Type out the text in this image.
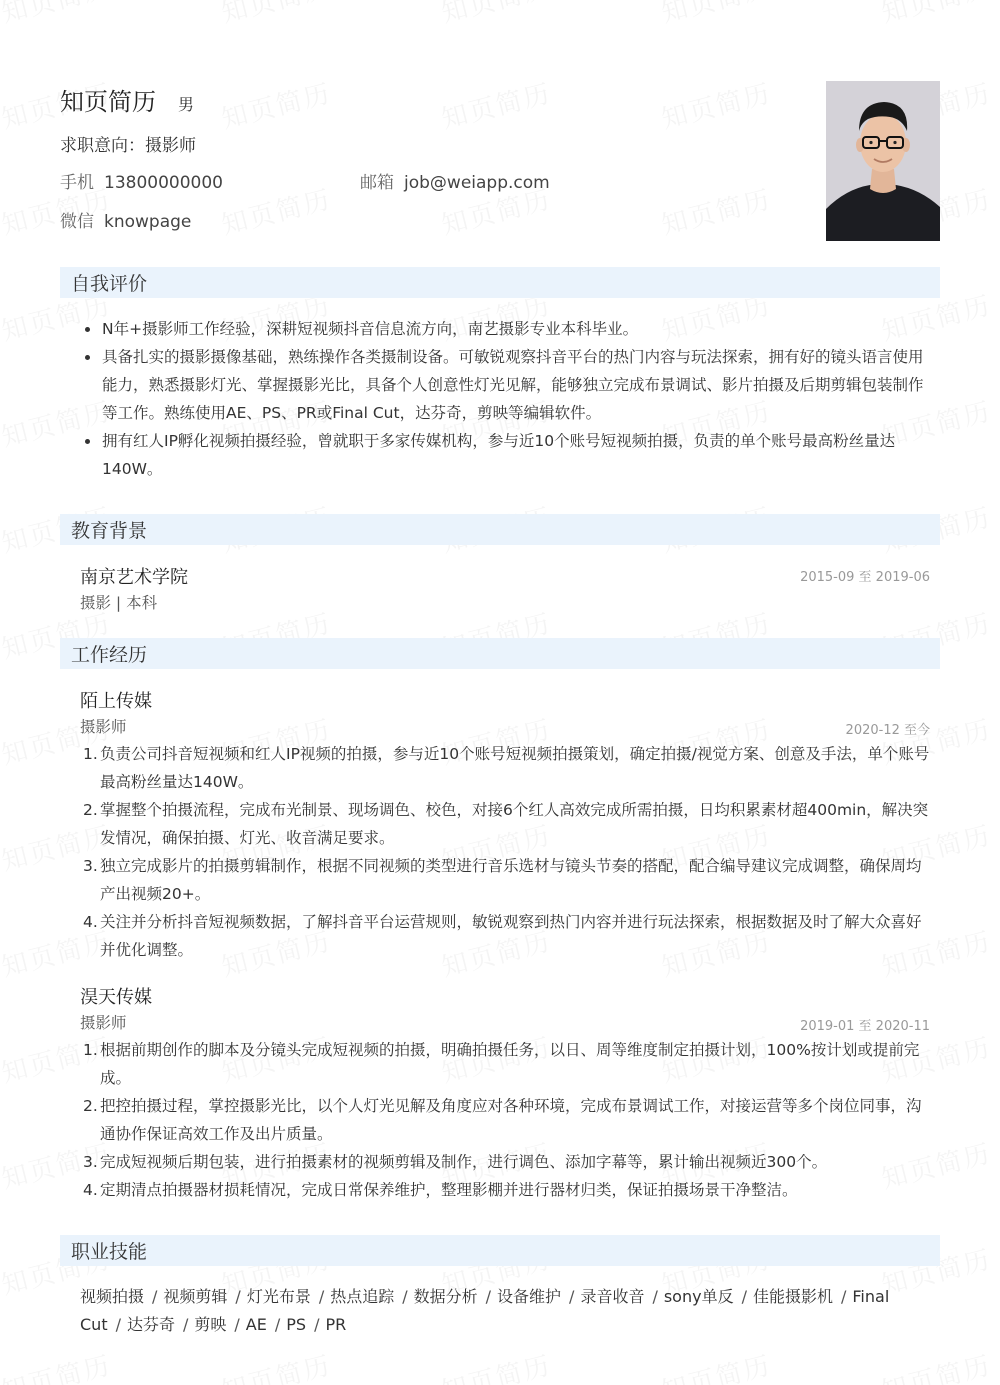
知页简历 男
求职意向：摄影师
手机 13800000000	邮箱 job@weiapp.com
微信 knowpage
自我评价
N年+摄影师工作经验，深耕短视频抖音信息流方向，南艺摄影专业本科毕业。
具备扎实的摄影摄像基础，熟练操作各类摄制设备。可敏锐观察抖音平台的热门内容与玩法探索，拥有好的镜头语言使用能力，熟悉摄影灯光、掌握摄影光比，具备个人创意性灯光见解，能够独立完成布景调试、影片拍摄及后期剪辑包装制作等工作。熟练使用AE、PS、PR或Final Cut，达芬奇，剪映等编辑软件。
拥有红人IP孵化视频拍摄经验，曾就职于多家传媒机构，参与近10个账号短视频拍摄，负责的单个账号最高粉丝量达140W。
教育背景
南京艺术学院	2015-09 至 2019-06
摄影 | 本科
工作经历
陌上传媒
摄影师	2020-12 至今
1. 负责公司抖音短视频和红人IP视频的拍摄，参与近10个账号短视频拍摄策划，确定拍摄/视觉方案、创意及手法，单个账号最高粉丝量达140W。
2. 掌握整个拍摄流程，完成布光制景、现场调色、校色，对接6个红人高效完成所需拍摄，日均积累素材超400min，解决突发情况，确保拍摄、灯光、收音满足要求。
3. 独立完成影片的拍摄剪辑制作，根据不同视频的类型进行音乐选材与镜头节奏的搭配，配合编导建议完成调整，确保周均产出视频20+。
4. 关注并分析抖音短视频数据，了解抖音平台运营规则，敏锐观察到热门内容并进行玩法探索，根据数据及时了解大众喜好并优化调整。
淏天传媒
摄影师	2019-01 至 2020-11
1. 根据前期创作的脚本及分镜头完成短视频的拍摄，明确拍摄任务，以日、周等维度制定拍摄计划，100%按计划或提前完成。
2. 把控拍摄过程，掌控摄影光比，以个人灯光见解及角度应对各种环境，完成布景调试工作，对接运营等多个岗位同事，沟通协作保证高效工作及出片质量。
3. 完成短视频后期包装，进行拍摄素材的视频剪辑及制作，进行调色、添加字幕等，累计输出视频近300个。
4. 定期清点拍摄器材损耗情况，完成日常保养维护，整理影棚并进行器材归类，保证拍摄场景干净整洁。
职业技能
视频拍摄 / 视频剪辑 / 灯光布景 / 热点追踪 / 数据分析 / 设备维护 / 录音收音 / sony单反 / 佳能摄影机 / Final Cut / 达芬奇 / 剪映 / AE / PS / PR
